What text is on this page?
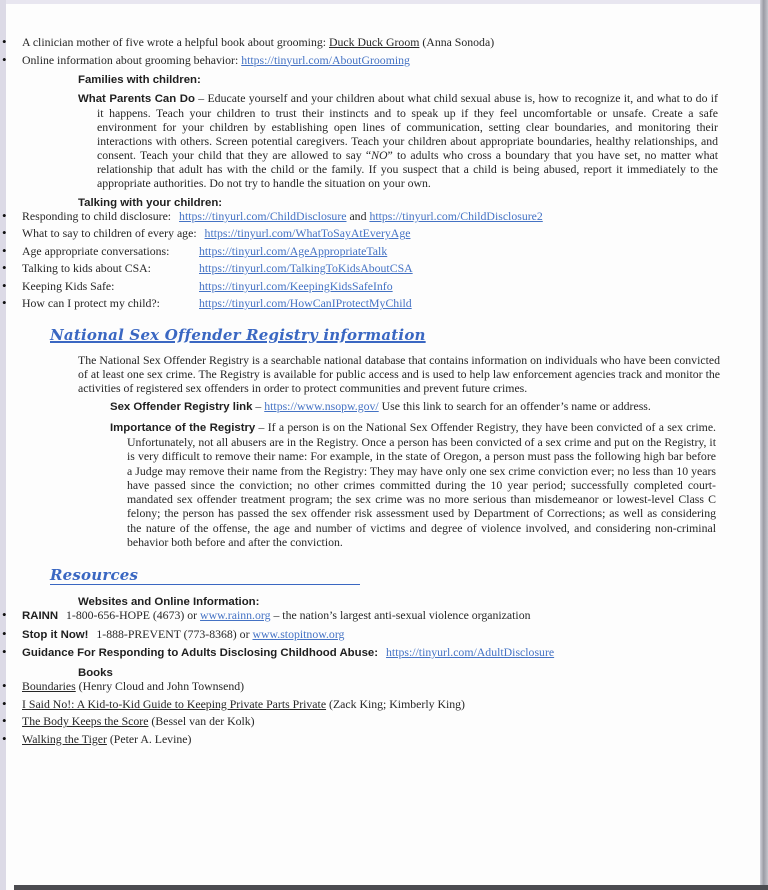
• A clinician mother of five wrote a helpful book about grooming: Duck Duck Groom (Anna Sonoda)
• Online information about grooming behavior: https://tinyurl.com/AboutGrooming
Families with children:

What Parents Can Do – Educate yourself and your children about what child sexual abuse is, how to recognize it, and what to do if it happens. Teach your children to trust their instincts and to speak up if they feel uncomfortable or unsafe. Create a safe environment for your children by establishing open lines of communication, setting clear boundaries, and monitoring their interactions with others. Screen potential caregivers. Teach your children about appropriate boundaries, healthy relationships, and consent. Teach your child that they are allowed to say “NO” to adults who cross a boundary that you have set, no matter what relationship that adult has with the child or the family. If you suspect that a child is being abused, report it immediately to the appropriate authorities. Do not try to handle the situation on your own.

Talking with your children:
• Responding to child disclosure: https://tinyurl.com/ChildDisclosure and https://tinyurl.com/ChildDisclosure2
• What to say to children of every age: https://tinyurl.com/WhatToSayAtEveryAge
• Age appropriate conversations:	https://tinyurl.com/AgeAppropriateTalk
• Talking to kids about CSA:	https://tinyurl.com/TalkingToKidsAboutCSA
• Keeping Kids Safe:	https://tinyurl.com/KeepingKidsSafeInfo
• How can I protect my child?:	https://tinyurl.com/HowCanIProtectMyChild
National Sex Offender Registry information

The National Sex Offender Registry is a searchable national database that contains information on individuals who have been convicted of at least one sex crime. The Registry is available for public access and is used to help law enforcement agencies track and monitor the activities of registered sex offenders in order to protect communities and prevent future crimes.

Sex Offender Registry link – https://www.nsopw.gov/ Use this link to search for an offender’s name or address.

Importance of the Registry – If a person is on the National Sex Offender Registry, they have been convicted of a sex crime. Unfortunately, not all abusers are in the Registry. Once a person has been convicted of a sex crime and put on the Registry, it is very difficult to remove their name: For example, in the state of Oregon, a person must pass the following high bar before a Judge may remove their name from the Registry: They may have only one sex crime conviction ever; no less than 10 years have passed since the conviction; no other crimes committed during the 10 year period; successfully completed court-mandated sex offender treatment program; the sex crime was no more serious than misdemeanor or lowest-level Class C felony; the person has passed the sex offender risk assessment used by Department of Corrections; as well as considering the nature of the offense, the age and number of victims and degree of violence involved, and considering non-criminal behavior both before and after the conviction.

Resources
Websites and Online Information:
• RAINN 1-800-656-HOPE (4673) or www.rainn.org – the nation’s largest anti-sexual violence organization
• Stop it Now! 1-888-PREVENT (773-8368) or www.stopitnow.org
• Guidance For Responding to Adults Disclosing Childhood Abuse: https://tinyurl.com/AdultDisclosure
Books
• Boundaries (Henry Cloud and John Townsend)
• I Said No!: A Kid-to-Kid Guide to Keeping Private Parts Private (Zack King; Kimberly King)
• The Body Keeps the Score (Bessel van der Kolk)
• Walking the Tiger (Peter A. Levine)
